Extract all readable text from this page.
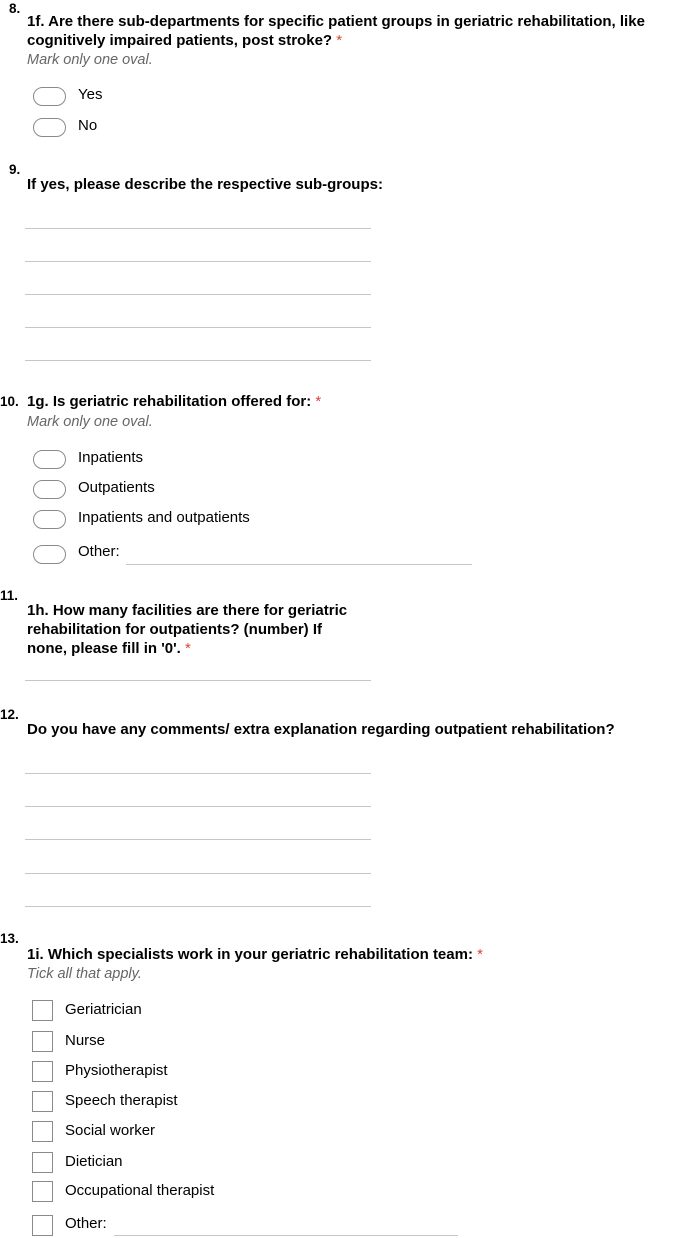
8.
1f. Are there sub-departments for specific patient groups in geriatric rehabilitation, like
cognitively impaired patients, post stroke? *
Mark only one oval.
Yes
No
9.
If yes, please describe the respective sub-groups:
10. 1g. Is geriatric rehabilitation offered for: *
Mark only one oval.
Inpatients
Outpatients
Inpatients and outpatients
Other:
11.
1h. How many facilities are there for geriatric
rehabilitation for outpatients? (number) If
none, please fill in '0'. *
12.
Do you have any comments/ extra explanation regarding outpatient rehabilitation?
13.
1i. Which specialists work in your geriatric rehabilitation team: *
Tick all that apply.
Geriatrician
Nurse
Physiotherapist
Speech therapist
Social worker
Dietician
Occupational therapist
Other:
